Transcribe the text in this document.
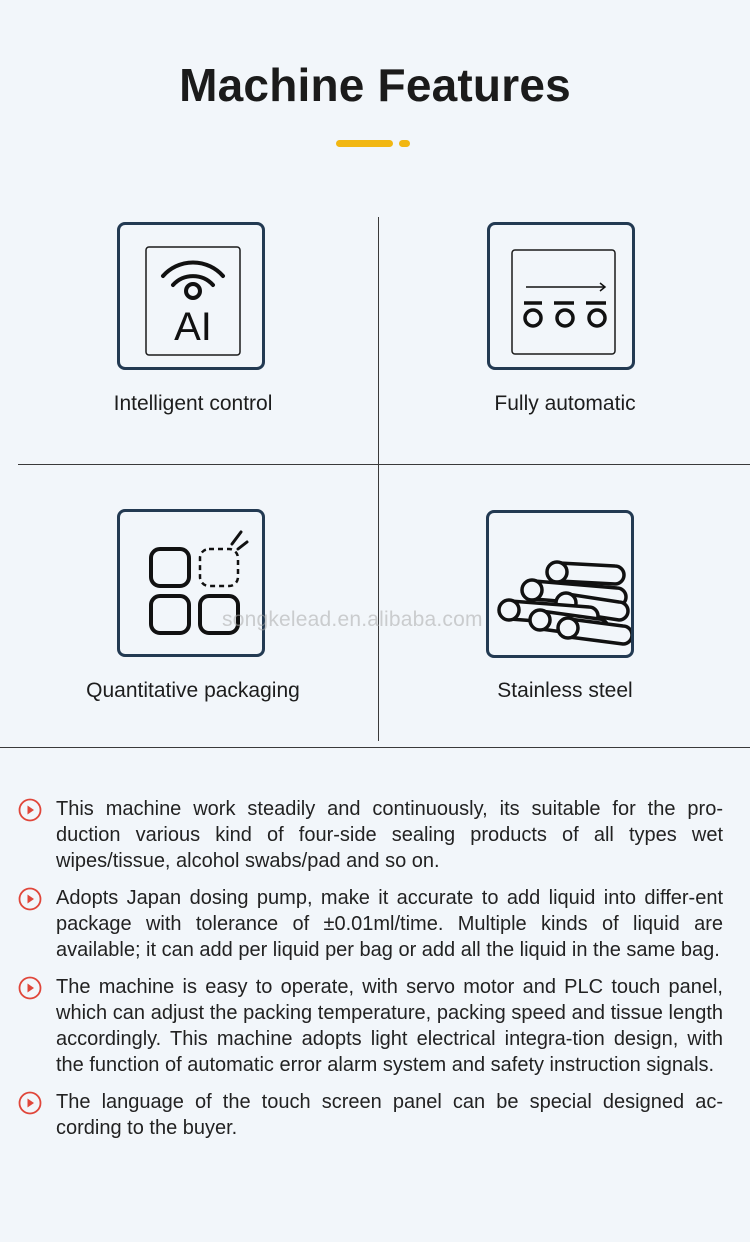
Machine Features
AI
Intelligent control	Fully automatic
Quantitative packaging	Stainless steel
songkelead.en.alibaba.com
This machine work steadily and continuously, its suitable for the pro-duction various kind of four-side sealing products of all types wet wipes/tissue, alcohol swabs/pad and so on.
Adopts Japan dosing pump, make it accurate to add liquid into differ-ent package with tolerance of ±0.01ml/time. Multiple kinds of liquid are available; it can add per liquid per bag or add all the liquid in the same bag.
The machine is easy to operate, with servo motor and PLC touch panel, which can adjust the packing temperature, packing speed and tissue length accordingly. This machine adopts light electrical integra-tion design, with the function of automatic error alarm system and safety instruction signals.
The language of the touch screen panel can be special designed ac-cording to the buyer.
